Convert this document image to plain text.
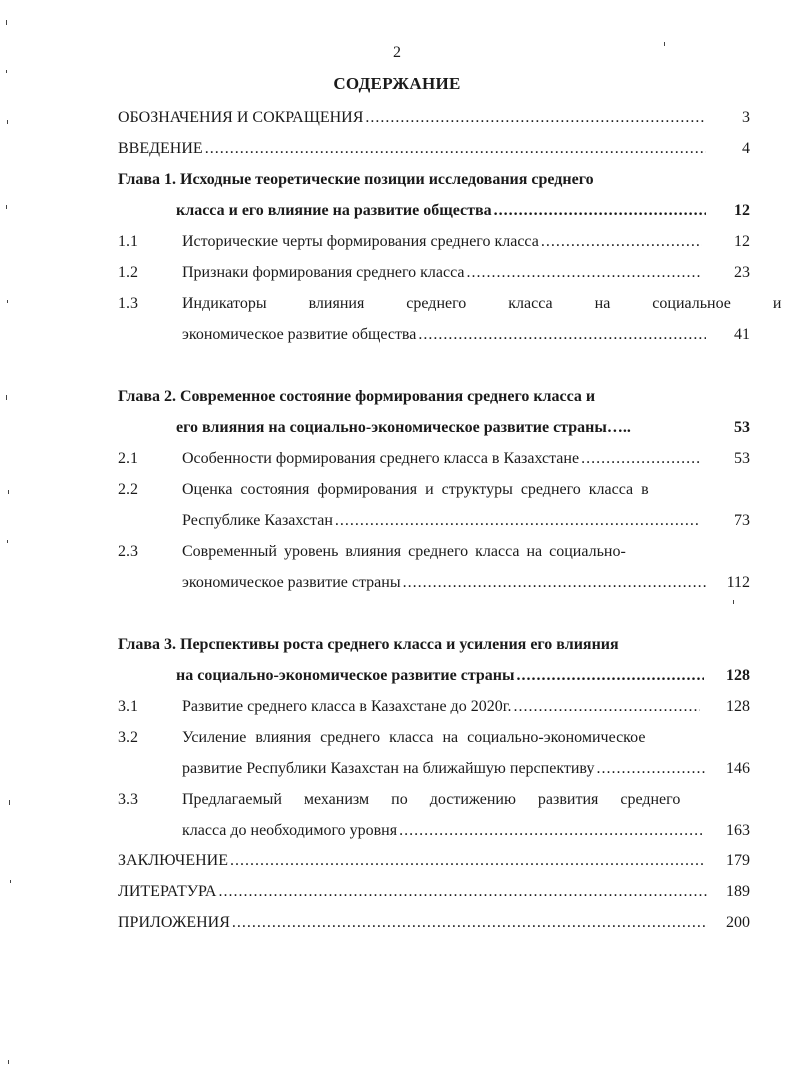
2
СОДЕРЖАНИЕ
ОБОЗНАЧЕНИЯ И СОКРАЩЕНИЯ .....	3
ВВЕДЕНИЕ .....	4
Глава 1. Исходные теоретические позиции исследования среднего
класса и его влияние на развитие общества .....	12
1.1	Исторические черты формирования среднего класса .....	12
1.2	Признаки формирования среднего класса .....	23
1.3	Индикаторы влияния среднего класса на социальное и
экономическое развитие общества .....	41
Глава 2. Современное состояние формирования среднего класса и
его влияния на социально-экономическое развитие страны…..	53
2.1	Особенности формирования среднего класса в Казахстане .....	53
2.2	Оценка состояния формирования и структуры среднего класса в
Республике Казахстан .....	73
2.3	Современный уровень влияния среднего класса на социально-
экономическое развитие страны .....	112
Глава 3. Перспективы роста среднего класса и усиления его влияния
на социально-экономическое развитие страны .....	128
3.1	Развитие среднего класса в Казахстане до 2020г. .....	128
3.2	Усиление влияния среднего класса на социально-экономическое
развитие Республики Казахстан на ближайшую перспективу .....	146
3.3	Предлагаемый механизм по достижению развития среднего
класса до необходимого уровня .....	163
ЗАКЛЮЧЕНИЕ .....	179
ЛИТЕРАТУРА .....	189
ПРИЛОЖЕНИЯ .....	200
